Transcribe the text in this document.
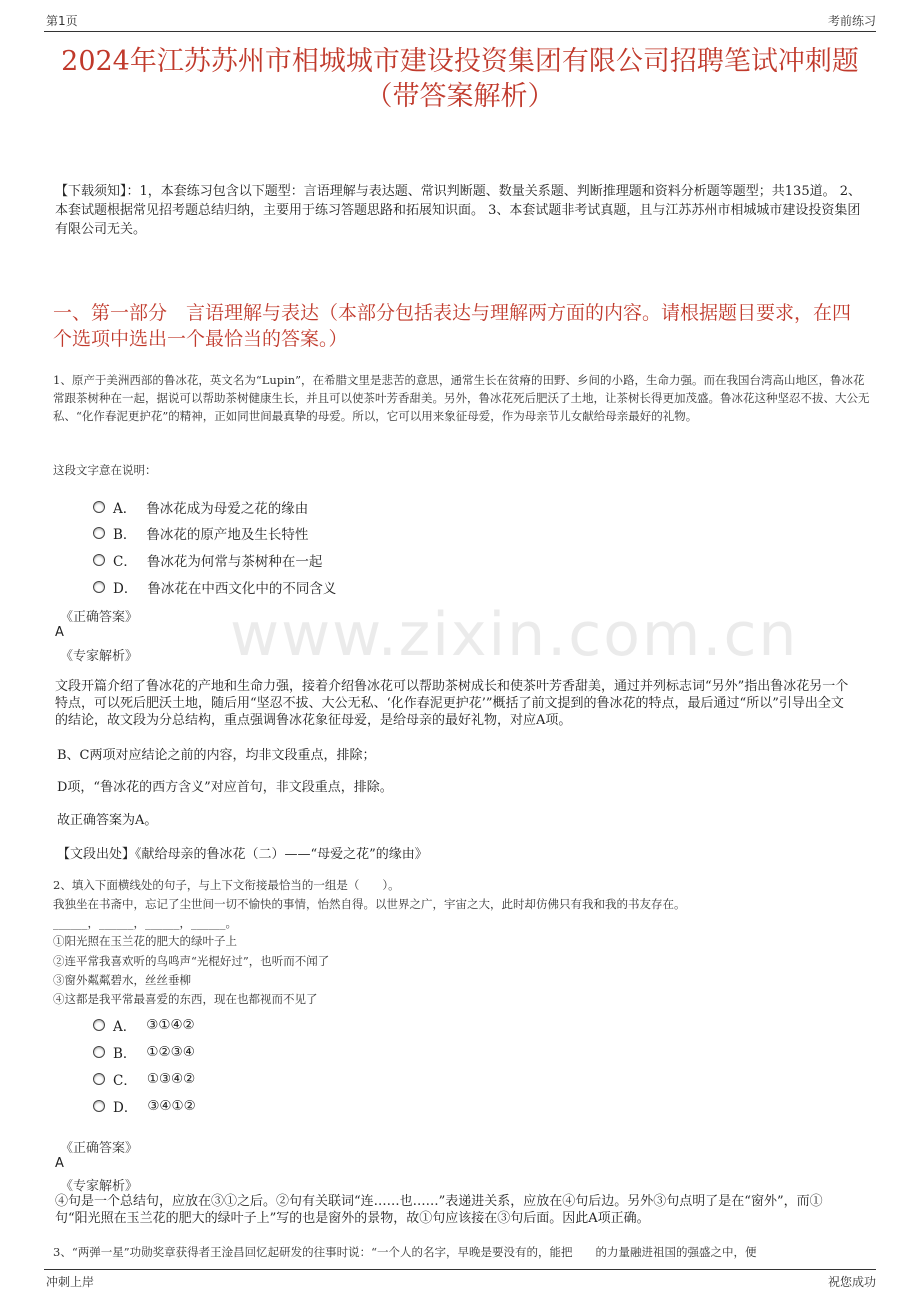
第1页	考前练习
2024年江苏苏州市相城城市建设投资集团有限公司招聘笔试冲刺题（带答案解析）
【下载须知】：1，本套练习包含以下题型：言语理解与表达题、常识判断题、数量关系题、判断推理题和资料分析题等题型；共135道。 2、本套试题根据常见招考题总结归纳，主要用于练习答题思路和拓展知识面。 3、本套试题非考试真题，且与江苏苏州市相城城市建设投资集团有限公司无关。
一、第一部分　言语理解与表达（本部分包括表达与理解两方面的内容。请根据题目要求，在四个选项中选出一个最恰当的答案。）
www.zixin.com.cn
1、原产于美洲西部的鲁冰花，英文名为“Lupin”，在希腊文里是悲苦的意思，通常生长在贫瘠的田野、乡间的小路，生命力强。而在我国台湾高山地区，鲁冰花常跟茶树种在一起，据说可以帮助茶树健康生长，并且可以使茶叶芳香甜美。另外，鲁冰花死后肥沃了土地，让茶树长得更加茂盛。鲁冰花这种坚忍不拔、大公无私、“化作春泥更护花”的精神，正如同世间最真挚的母爱。所以，它可以用来象征母爱，作为母亲节儿女献给母亲最好的礼物。
这段文字意在说明：
A． 鲁冰花成为母爱之花的缘由
B． 鲁冰花的原产地及生长特性
C． 鲁冰花为何常与茶树种在一起
D． 鲁冰花在中西文化中的不同含义
《正确答案》
A
《专家解析》
文段开篇介绍了鲁冰花的产地和生命力强，接着介绍鲁冰花可以帮助茶树成长和使茶叶芳香甜美，通过并列标志词“另外”指出鲁冰花另一个特点，可以死后肥沃土地，随后用“坚忍不拔、大公无私、‘化作春泥更护花’”概括了前文提到的鲁冰花的特点，最后通过“所以”引导出全文的结论，故文段为分总结构，重点强调鲁冰花象征母爱，是给母亲的最好礼物，对应A项。
B、C两项对应结论之前的内容，均非文段重点，排除；
D项，“鲁冰花的西方含义”对应首句，非文段重点，排除。
故正确答案为A。
【文段出处】《献给母亲的鲁冰花（二）——“母爱之花”的缘由》
2、填入下面横线处的句子，与上下文衔接最恰当的一组是（　　）。
我独坐在书斋中，忘记了尘世间一切不愉快的事情，怡然自得。以世界之广，宇宙之大，此时却仿佛只有我和我的书友存在。
______，______，______，______。
①阳光照在玉兰花的肥大的绿叶子上
②连平常我喜欢听的鸟鸣声“光棍好过”，也听而不闻了
③窗外粼粼碧水，丝丝垂柳
④这都是我平常最喜爱的东西，现在也都视而不见了
A． ③①④②
B． ①②③④
C． ①③④②
D． ③④①②
《正确答案》
A
《专家解析》
④句是一个总结句，应放在③①之后。②句有关联词“连……也……”表递进关系，应放在④句后边。另外③句点明了是在“窗外”，而①句“阳光照在玉兰花的肥大的绿叶子上”写的也是窗外的景物，故①句应该接在③句后面。因此A项正确。
3、“两弹一星”功勋奖章获得者王淦昌回忆起研发的往事时说：“一个人的名字，早晚是要没有的，能把　　的力量融进祖国的强盛之中，便
冲刺上岸	祝您成功
